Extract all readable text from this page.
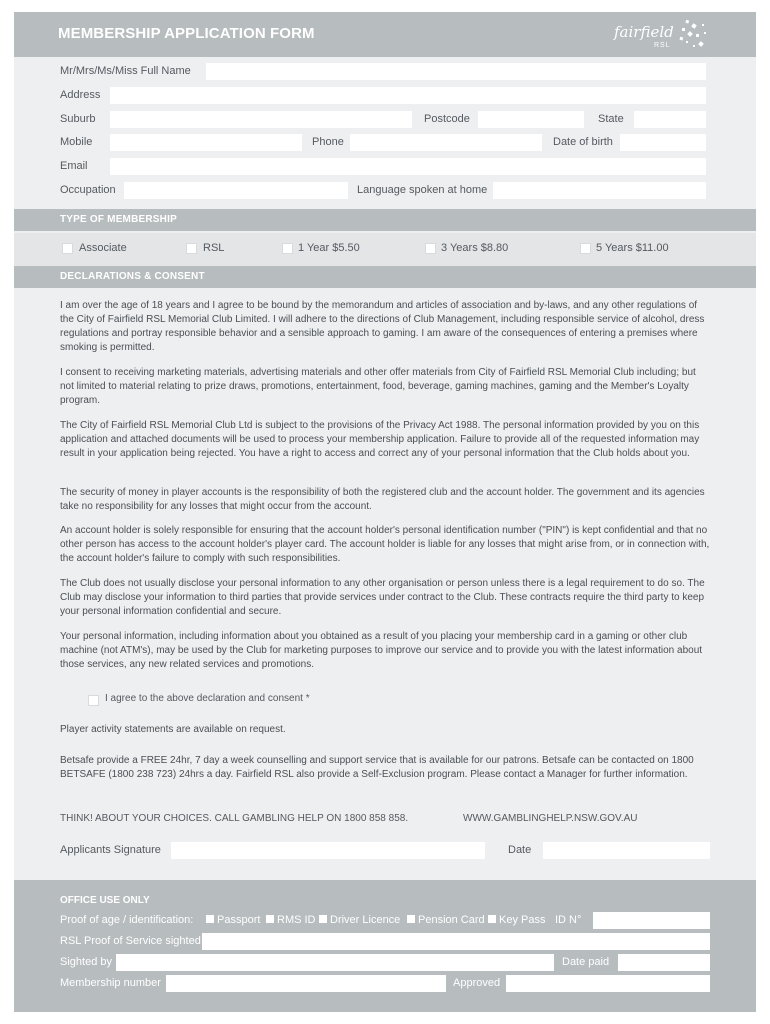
MEMBERSHIP APPLICATION FORM	fairfield
RSL
Mr/Mrs/Ms/Miss Full Name
Address
Suburb	Postcode	State
Mobile	Phone	Date of birth
Email
Occupation	Language spoken at home
TYPE OF MEMBERSHIP
Associate	RSL	1 Year $5.50	3 Years $8.80	5 Years $11.00
DECLARATIONS & CONSENT

I am over the age of 18 years and I agree to be bound by the memorandum and articles of association and by-laws, and any other regulations of the City of Fairfield RSL Memorial Club Limited. I will adhere to the directions of Club Management, including responsible service of alcohol, dress regulations and portray responsible behavior and a sensible approach to gaming. I am aware of the consequences of entering a premises where smoking is permitted.

I consent to receiving marketing materials, advertising materials and other offer materials from City of Fairfield RSL Memorial Club including; but not limited to material relating to prize draws, promotions, entertainment, food, beverage, gaming machines, gaming and the Member's Loyalty program.

The City of Fairfield RSL Memorial Club Ltd is subject to the provisions of the Privacy Act 1988. The personal information provided by you on this application and attached documents will be used to process your membership application. Failure to provide all of the requested information may result in your application being rejected. You have a right to access and correct any of your personal information that the Club holds about you.

The security of money in player accounts is the responsibility of both the registered club and the account holder. The government and its agencies take no responsibility for any losses that might occur from the account.

An account holder is solely responsible for ensuring that the account holder's personal identification number ("PIN") is kept confidential and that no other person has access to the account holder's player card. The account holder is liable for any losses that might arise from, or in connection with, the account holder's failure to comply with such responsibilities.

The Club does not usually disclose your personal information to any other organisation or person unless there is a legal requirement to do so. The Club may disclose your information to third parties that provide services under contract to the Club. These contracts require the third party to keep your personal information confidential and secure.

Your personal information, including information about you obtained as a result of you placing your membership card in a gaming or other club machine (not ATM's), may be used by the Club for marketing purposes to improve our service and to provide you with the latest information about those services, any new related services and promotions.

I agree to the above declaration and consent *

Player activity statements are available on request.

Betsafe provide a FREE 24hr, 7 day a week counselling and support service that is available for our patrons. Betsafe can be contacted on 1800 BETSAFE (1800 238 723) 24hrs a day. Fairfield RSL also provide a Self-Exclusion program. Please contact a Manager for further information.

THINK! ABOUT YOUR CHOICES. CALL GAMBLING HELP ON 1800 858 858.	WWW.GAMBLINGHELP.NSW.GOV.AU
Applicants Signature	Date
OFFICE USE ONLY
Proof of age / identification: Passport RMS ID Driver Licence Pension Card Key Pass ID N°
RSL Proof of Service sighted
Sighted by	Date paid
Membership number	Approved
